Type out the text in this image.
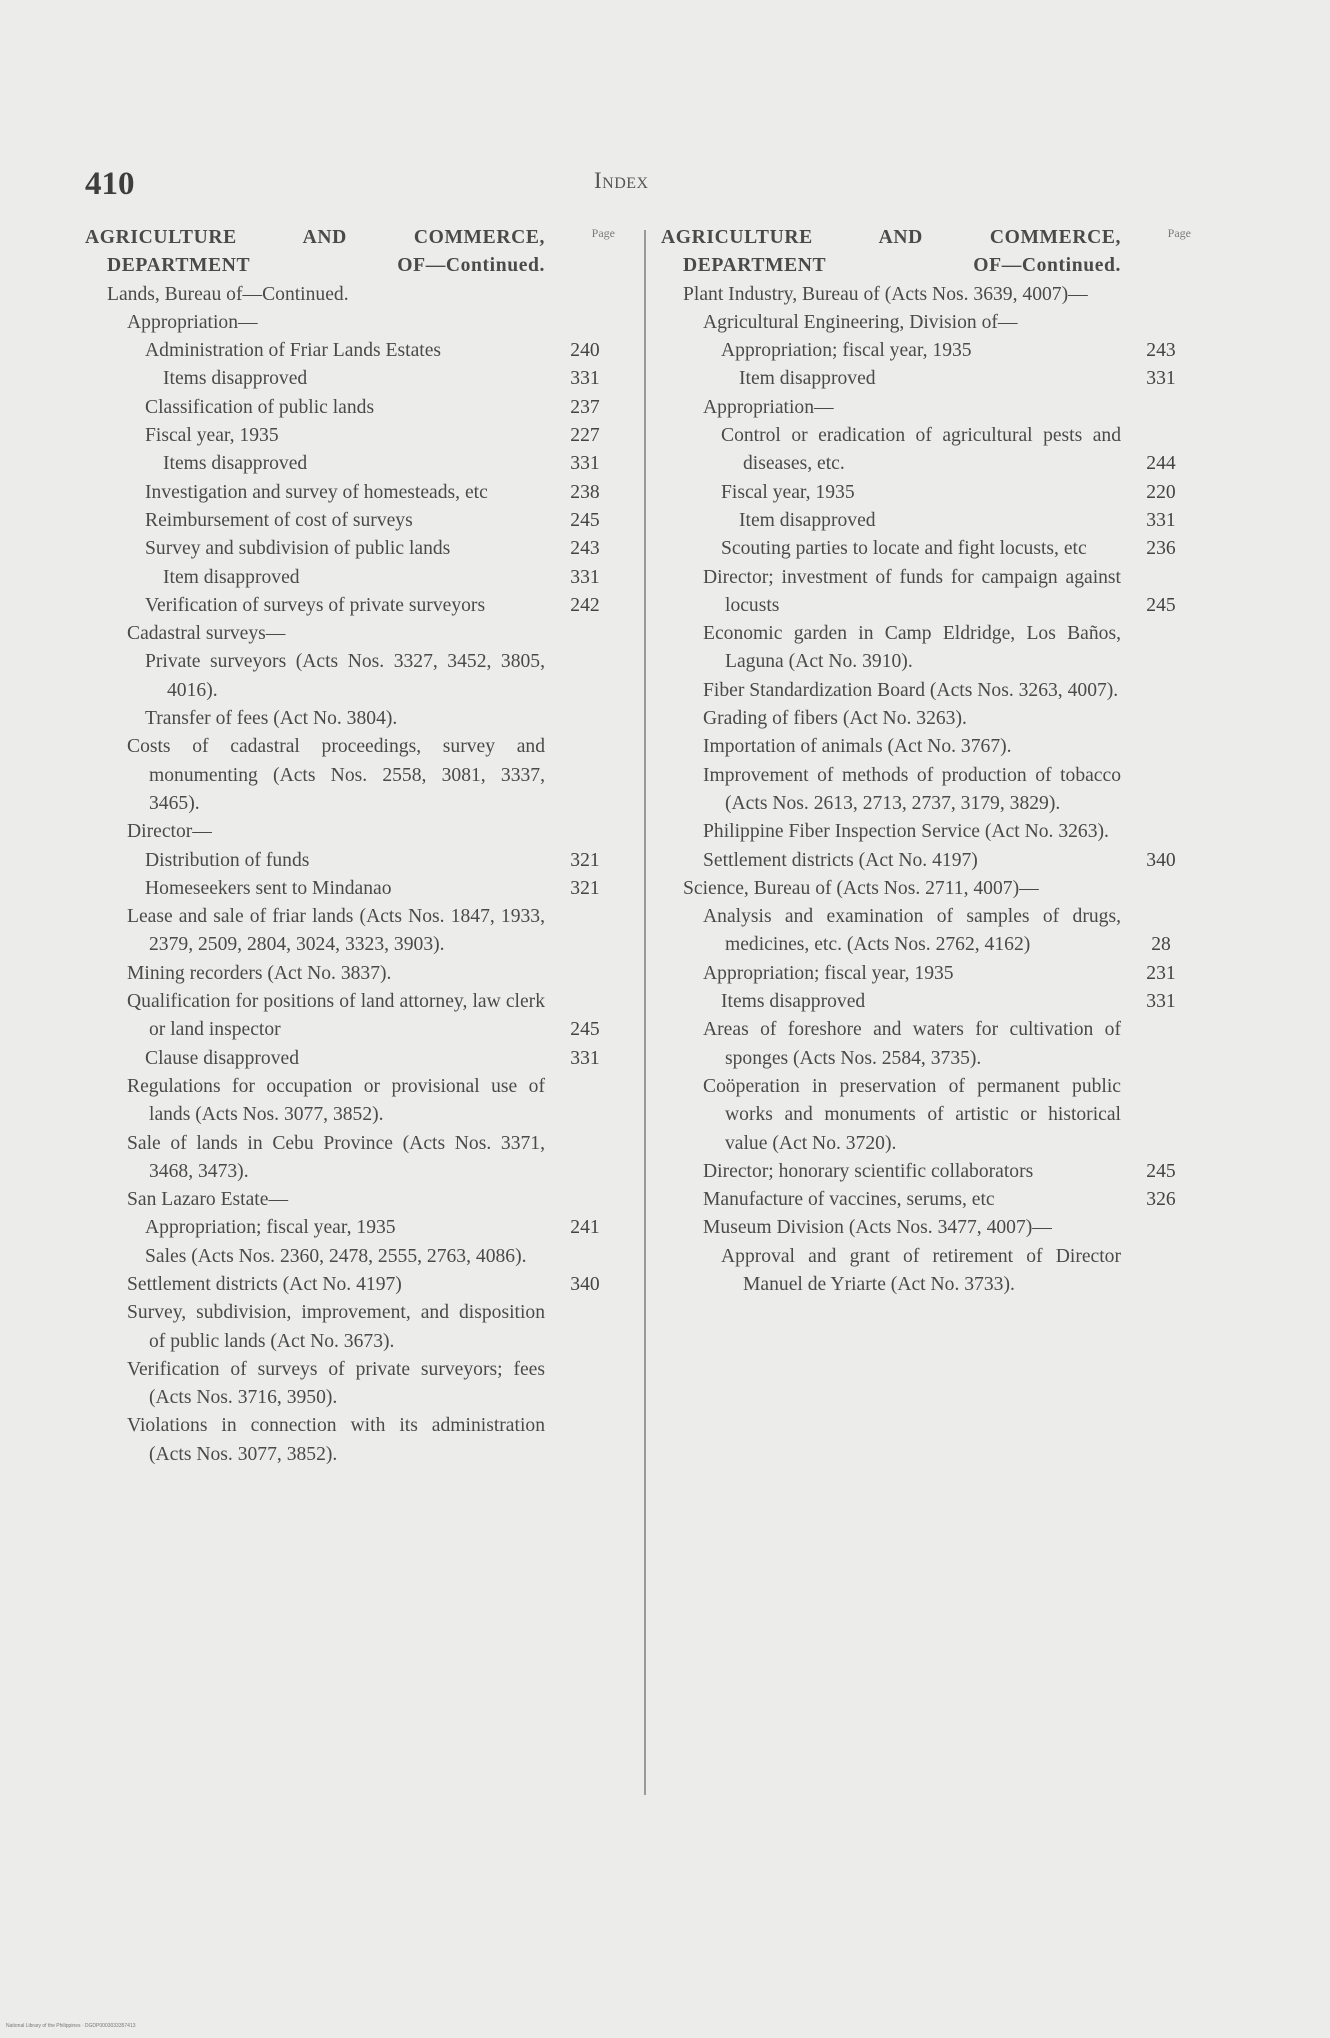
410	Index
Page
AGRICULTURE AND COMMERCE, DEPARTMENT OF—Continued.
Lands, Bureau of—Continued.
Appropriation—
Administration of Friar Lands Estates	240
Items disapproved	331
Classification of public lands	237
Fiscal year, 1935	227
Items disapproved	331
Investigation and survey of homesteads, etc	238
Reimbursement of cost of surveys	245
Survey and subdivision of public lands	243
Item disapproved	331
Verification of surveys of private surveyors	242
Cadastral surveys—
Private surveyors (Acts Nos. 3327, 3452, 3805, 4016).
Transfer of fees (Act No. 3804).
Costs of cadastral proceedings, survey and monumenting (Acts Nos. 2558, 3081, 3337, 3465).
Director—
Distribution of funds	321
Homeseekers sent to Mindanao	321
Lease and sale of friar lands (Acts Nos. 1847, 1933, 2379, 2509, 2804, 3024, 3323, 3903).
Mining recorders (Act No. 3837).
Qualification for positions of land attorney, law clerk or land inspector	245
Clause disapproved	331
Regulations for occupation or provisional use of lands (Acts Nos. 3077, 3852).
Sale of lands in Cebu Province (Acts Nos. 3371, 3468, 3473).
San Lazaro Estate—
Appropriation; fiscal year, 1935	241
Sales (Acts Nos. 2360, 2478, 2555, 2763, 4086).
Settlement districts (Act No. 4197)	340
Survey, subdivision, improvement, and disposition of public lands (Act No. 3673).
Verification of surveys of private surveyors; fees (Acts Nos. 3716, 3950).
Violations in connection with its administration (Acts Nos. 3077, 3852).
Page
AGRICULTURE AND COMMERCE, DEPARTMENT OF—Continued.
Plant Industry, Bureau of (Acts Nos. 3639, 4007)—
Agricultural Engineering, Division of—
Appropriation; fiscal year, 1935	243
Item disapproved	331
Appropriation—
Control or eradication of agricultural pests and diseases, etc.	244
Fiscal year, 1935	220
Item disapproved	331
Scouting parties to locate and fight locusts, etc	236
Director; investment of funds for campaign against locusts	245
Economic garden in Camp Eldridge, Los Baños, Laguna (Act No. 3910).
Fiber Standardization Board (Acts Nos. 3263, 4007).
Grading of fibers (Act No. 3263).
Importation of animals (Act No. 3767).
Improvement of methods of production of tobacco (Acts Nos. 2613, 2713, 2737, 3179, 3829).
Philippine Fiber Inspection Service (Act No. 3263).
Settlement districts (Act No. 4197)	340
Science, Bureau of (Acts Nos. 2711, 4007)—
Analysis and examination of samples of drugs, medicines, etc. (Acts Nos. 2762, 4162)	28
Appropriation; fiscal year, 1935	231
Items disapproved	331
Areas of foreshore and waters for cultivation of sponges (Acts Nos. 2584, 3735).
Coöperation in preservation of permanent public works and monuments of artistic or historical value (Act No. 3720).
Director; honorary scientific collaborators	245
Manufacture of vaccines, serums, etc	326
Museum Division (Acts Nos. 3477, 4007)—
Approval and grant of retirement of Director Manuel de Yriarte (Act No. 3733).
National Library of the Philippines · DGDP0003033357413
